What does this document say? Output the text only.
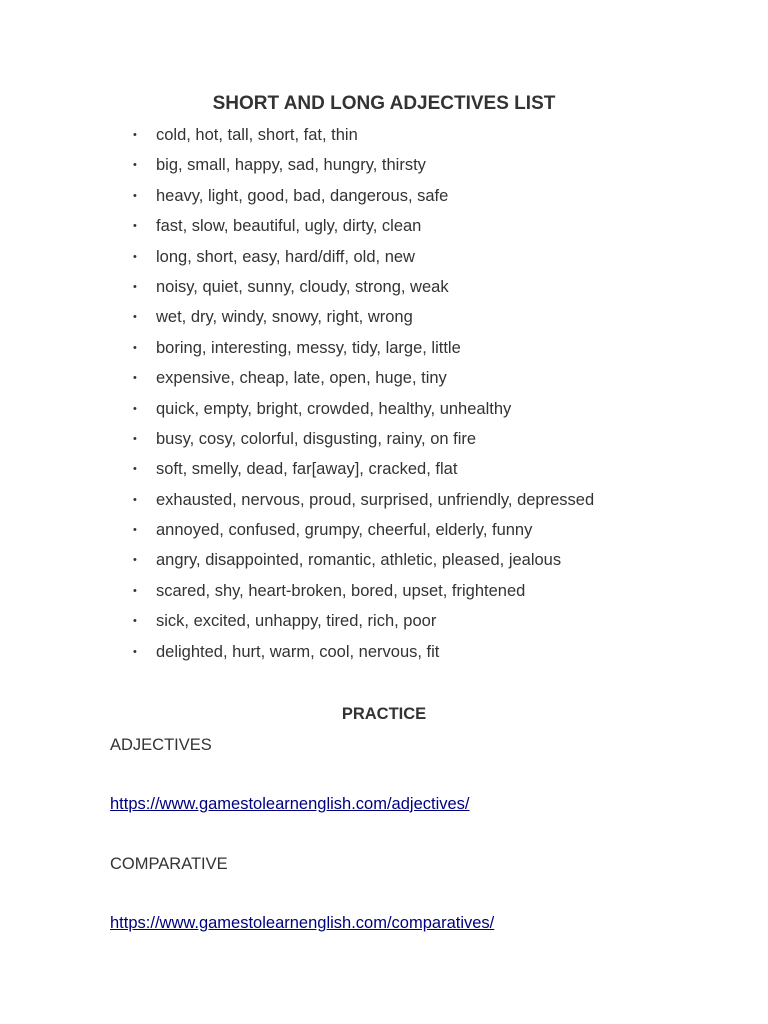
SHORT AND LONG ADJECTIVES LIST
• cold, hot, tall, short, fat, thin
• big, small, happy, sad, hungry, thirsty
• heavy, light, good, bad, dangerous, safe
• fast, slow, beautiful, ugly, dirty, clean
• long, short, easy, hard/diff, old, new
• noisy, quiet, sunny, cloudy, strong, weak
• wet, dry, windy, snowy, right, wrong
• boring, interesting, messy, tidy, large, little
• expensive, cheap, late, open, huge, tiny
• quick, empty, bright, crowded, healthy, unhealthy
• busy, cosy, colorful, disgusting, rainy, on fire
• soft, smelly, dead, far[away], cracked, flat
• exhausted, nervous, proud, surprised, unfriendly, depressed
• annoyed, confused, grumpy, cheerful, elderly, funny
• angry, disappointed, romantic, athletic, pleased, jealous
• scared, shy, heart-broken, bored, upset, frightened
• sick, excited, unhappy, tired, rich, poor
• delighted, hurt, warm, cool, nervous, fit
PRACTICE

ADJECTIVES

https://www.gamestolearnenglish.com/adjectives/

COMPARATIVE

https://www.gamestolearnenglish.com/comparatives/
